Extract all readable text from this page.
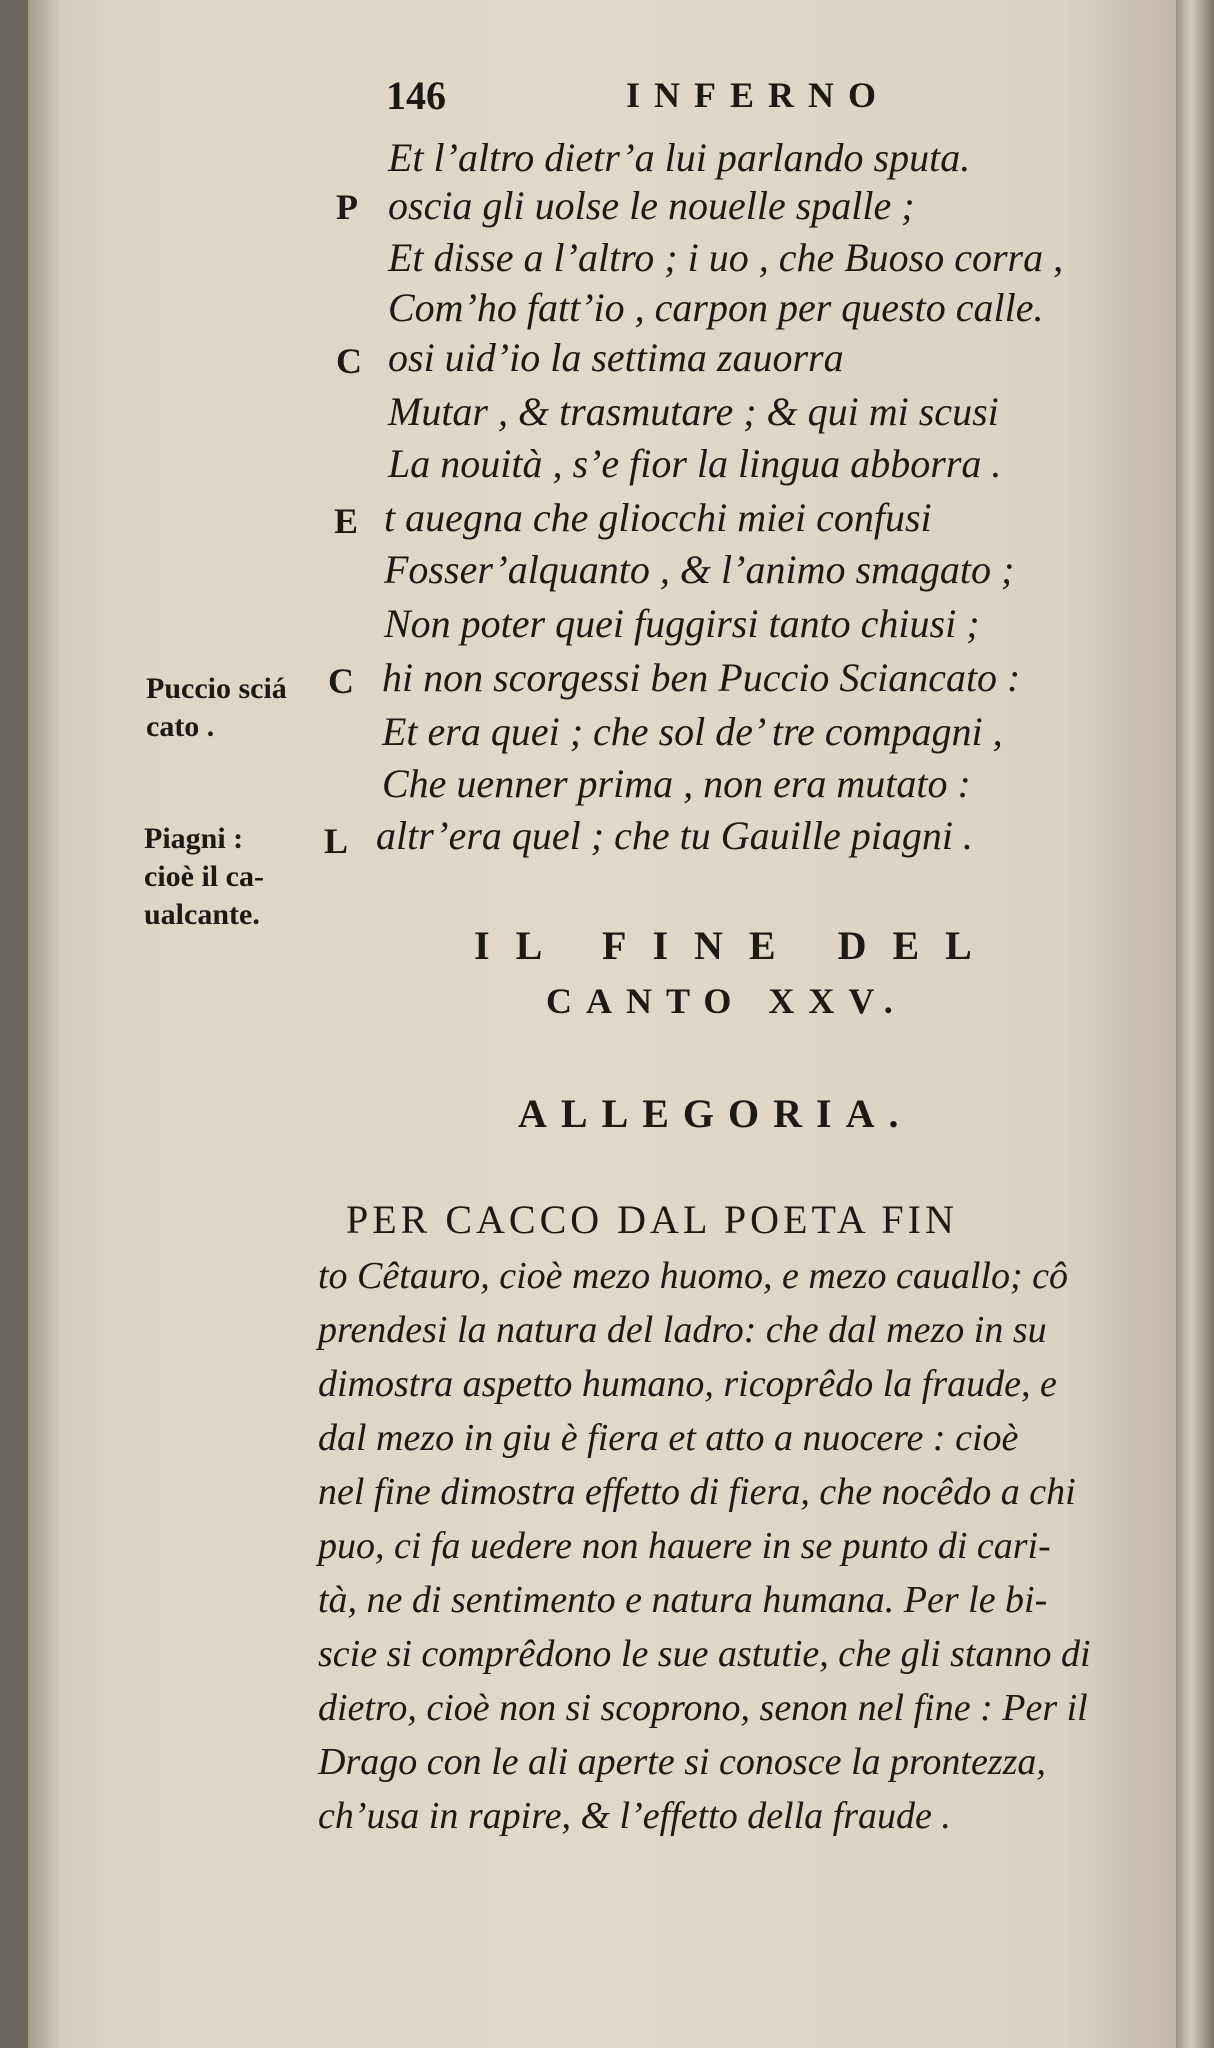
146	INFERNO
Et l’altro dietr’a lui parlando sputa.
P oscia gli uolse le nouelle spalle ;
Et disse a l’altro ; i uo , che Buoso corra ,
Com’ho fatt’io , carpon per questo calle.
C osi uid’io la settima zauorra
Mutar , & trasmutare ; & qui mi scusi
La nouità , s’e fior la lingua abborra .
E t auegna che gliocchi miei confusi
Fosser’alquanto , & l’animo smagato ;
Non poter quei fuggirsi tanto chiusi ;
C hi non scorgessi ben Puccio Sciancato :
Et era quei ; che sol de’ tre compagni ,
Che uenner prima , non era mutato :
L altr’era quel ; che tu Gauille piagni .
Puccio sciá
cato .
Piagni :
cioè il ca-
ualcante.
IL FINE DEL
CANTO XXV.
ALLEGORIA.
PER CACCO DAL POETA FIN
to Cêtauro, cioè mezo huomo, e mezo cauallo; cô
prendesi la natura del ladro: che dal mezo in su
dimostra aspetto humano, ricoprêdo la fraude, e
dal mezo in giu è fiera et atto a nuocere : cioè
nel fine dimostra effetto di fiera, che nocêdo a chi
puo, ci fa uedere non hauere in se punto di cari-
tà, ne di sentimento e natura humana. Per le bi-
scie si comprêdono le sue astutie, che gli stanno di
dietro, cioè non si scoprono, senon nel fine : Per il
Drago con le ali aperte si conosce la prontezza,
ch’usa in rapire, & l’effetto della fraude .
